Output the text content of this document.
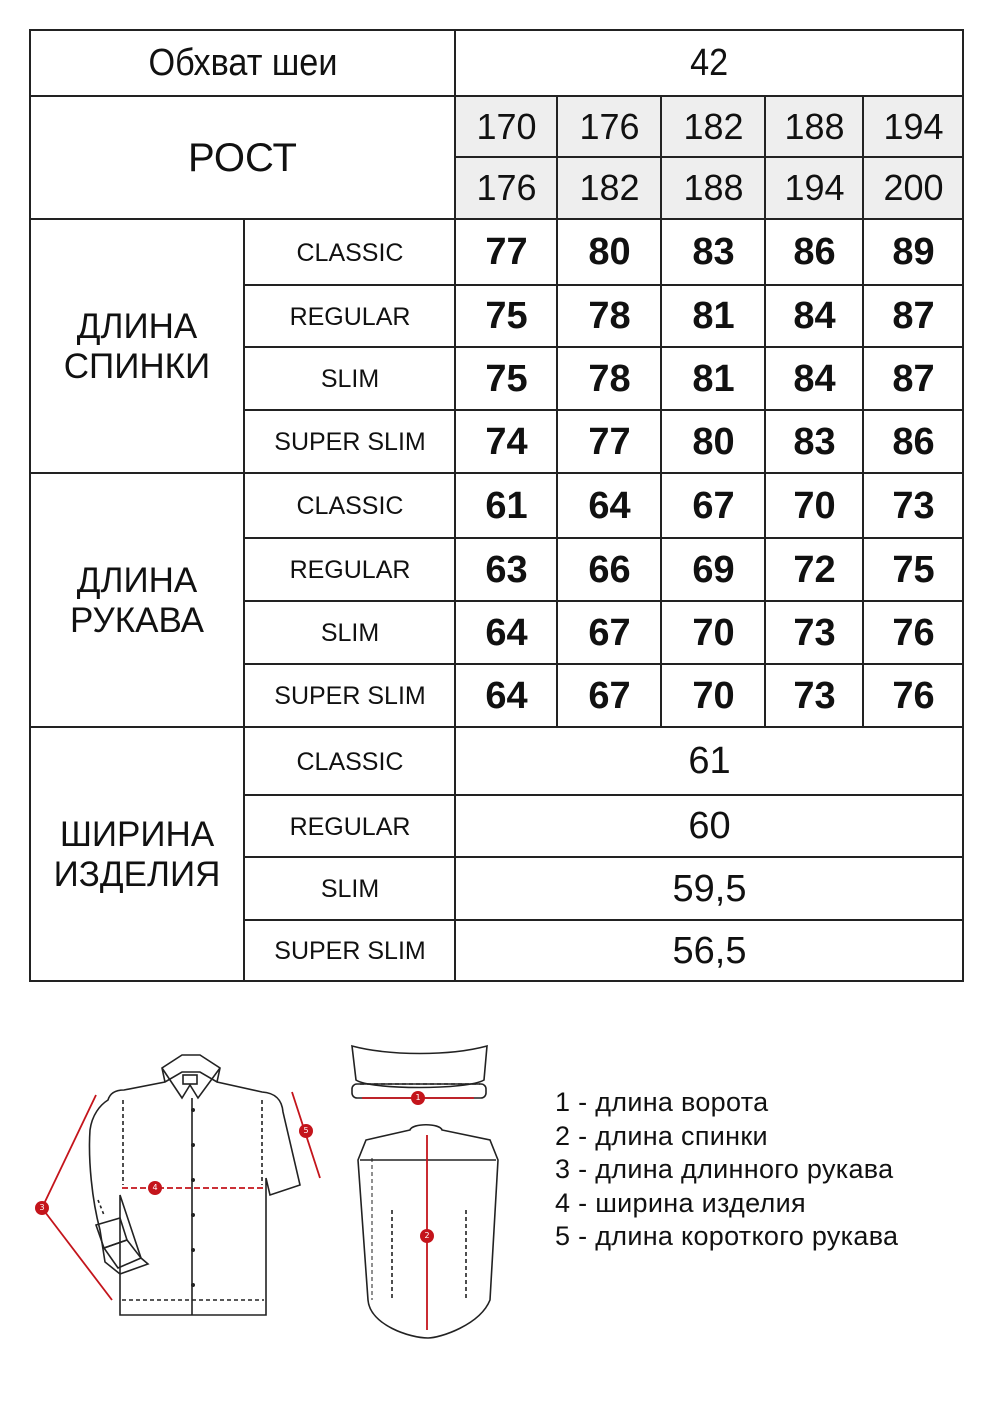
Обхват шеи	42
РОСТ
170 176 182 188 194
176 182 188 194 200
ДЛИНА
СПИНКИ
ДЛИНА
РУКАВА
ШИРИНА
ИЗДЕЛИЯ
CLASSIC 77 80 83 86 89
REGULAR 75 78 81 84 87
SLIM	75 78 81 84 87
SUPER SLIM 74 77 80 83 86
CLASSIC 61 64 67 70 73
REGULAR 63 66 69 72 75
SLIM	64 67 70 73 76
SUPER SLIM 64 67 70 73 76
CLASSIC	61
REGULAR	60
SLIM	59,5
SUPER SLIM	56,5
1
2
3
4
5
1 - длина ворота
2 - длина спинки
3 - длина длинного рукава
4 - ширина изделия
5 - длина короткого рукава
